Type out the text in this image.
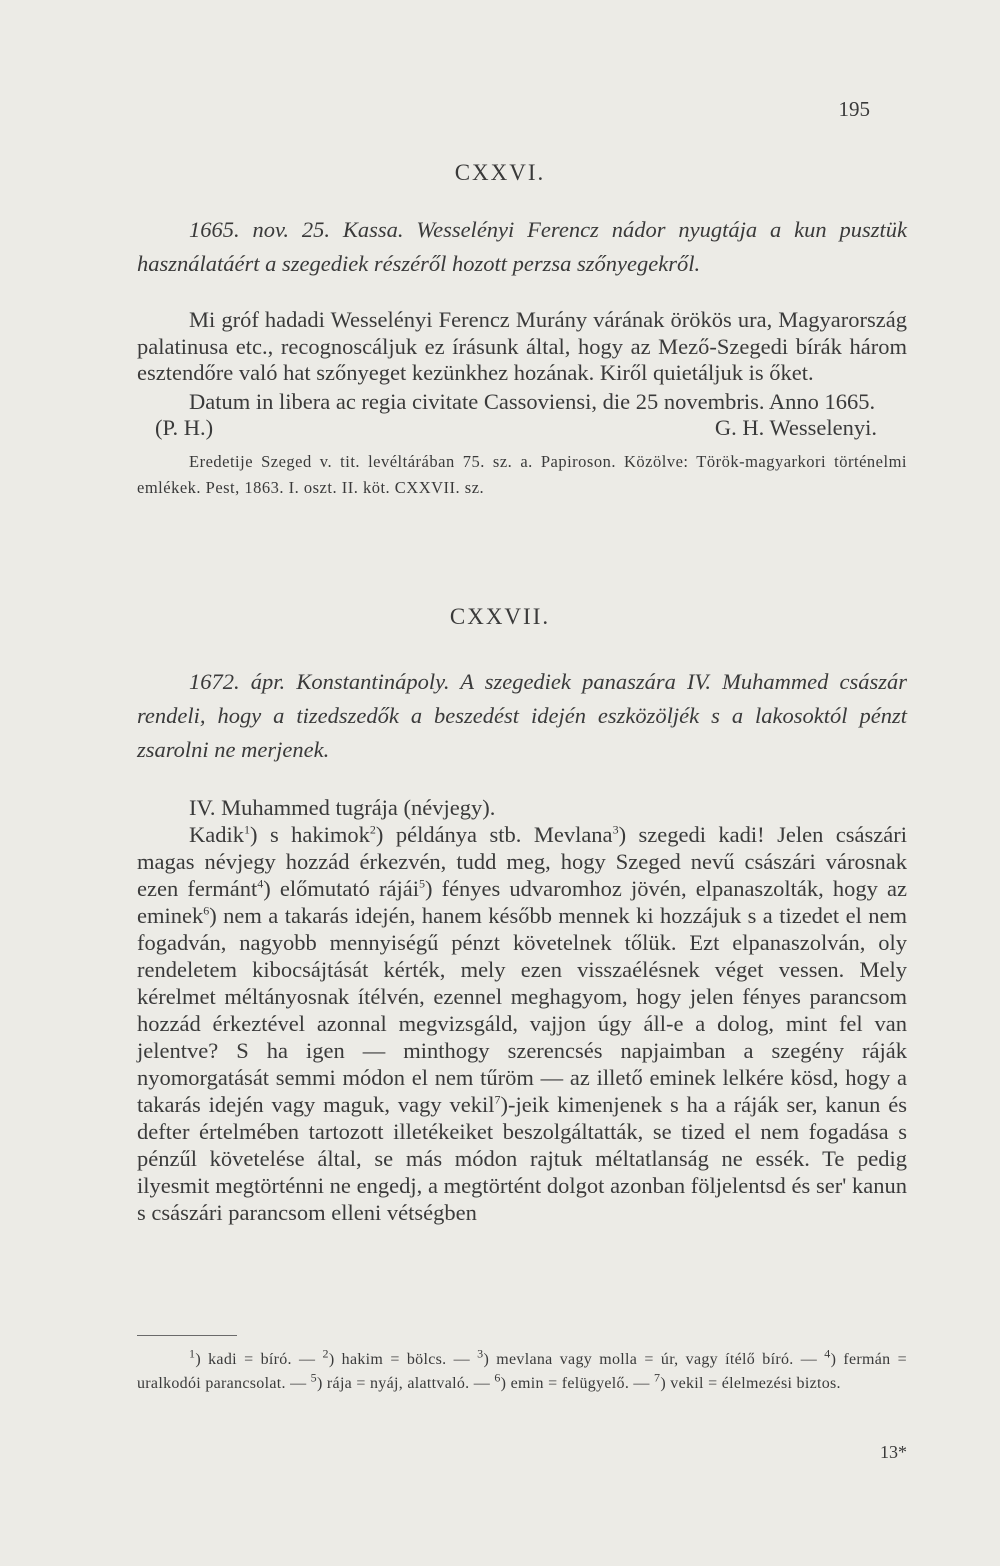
195
CXXVI.
1665. nov. 25. Kassa. Wesselényi Ferencz nádor nyugtája a kun pusztük használatáért a szegediek részéről hozott perzsa szőnyegekről.

Mi gróf hadadi Wesselényi Ferencz Murány várának örökös ura, Magyarország palatinusa etc., recognoscáljuk ez írásunk által, hogy az Mező-Szegedi bírák három esztendőre való hat szőnyeget kezünkhez hozának. Kiről quietáljuk is őket.

Datum in libera ac regia civitate Cassoviensi, die 25 novembris. Anno 1665.

(P. H.)	G. H. Wesselenyi.

Eredetije Szeged v. tit. levéltárában 75. sz. a. Papiroson. Közölve: Török-magyarkori történelmi emlékek. Pest, 1863. I. oszt. II. köt. CXXVII. sz.

CXXVII.
1672. ápr. Konstantinápoly. A szegediek panaszára IV. Muhammed császár rendeli, hogy a tizedszedők a beszedést idején eszközöljék s a lakosoktól pénzt zsarolni ne merjenek.

IV. Muhammed tugrája (névjegy).

Kadik$^1$) s hakimok$^2$) példánya stb. Mevlana$^3$) szegedi kadi! Jelen császári magas névjegy hozzád érkezvén, tudd meg, hogy Szeged nevű császári városnak ezen fermánt$^4$) előmutató rájái$^5$) fényes udvaromhoz jövén, elpanaszolták, hogy az eminek$^6$) nem a takarás idején, hanem később mennek ki hozzájuk s a tizedet el nem fogadván, nagyobb mennyiségű pénzt követelnek tőlük. Ezt elpanaszolván, oly rendeletem kibocsájtását kérték, mely ezen visszaélésnek véget vessen. Mely kérelmet méltányosnak ítélvén, ezennel meghagyom, hogy jelen fényes parancsom hozzád érkeztével azonnal megvizsgáld, vajjon úgy áll-e a dolog, mint fel van jelentve? S ha igen — minthogy szerencsés napjaimban a szegény ráják nyomorgatását semmi módon el nem tűröm — az illető eminek lelkére kösd, hogy a takarás idején vagy maguk, vagy vekil$^7$)-jeik kimenjenek s ha a ráják ser, kanun és defter értelmében tartozott illetékeiket beszolgáltatták, se tized el nem fogadása s pénzűl követelése által, se más módon rajtuk méltatlanság ne essék. Te pedig ilyesmit megtörténni ne engedj, a megtörtént dolgot azonban följelentsd és ser' kanun s császári parancsom elleni vétségben

$^1$) kadi = bíró. — $^2$) hakim = bölcs. — $^3$) mevlana vagy molla = úr, vagy ítélő bíró. — $^4$) fermán = uralkodói parancsolat. — $^5$) rája = nyáj, alattvaló. — $^6$) emin = felügyelő. — $^7$) vekil = élelmezési biztos.

13*
